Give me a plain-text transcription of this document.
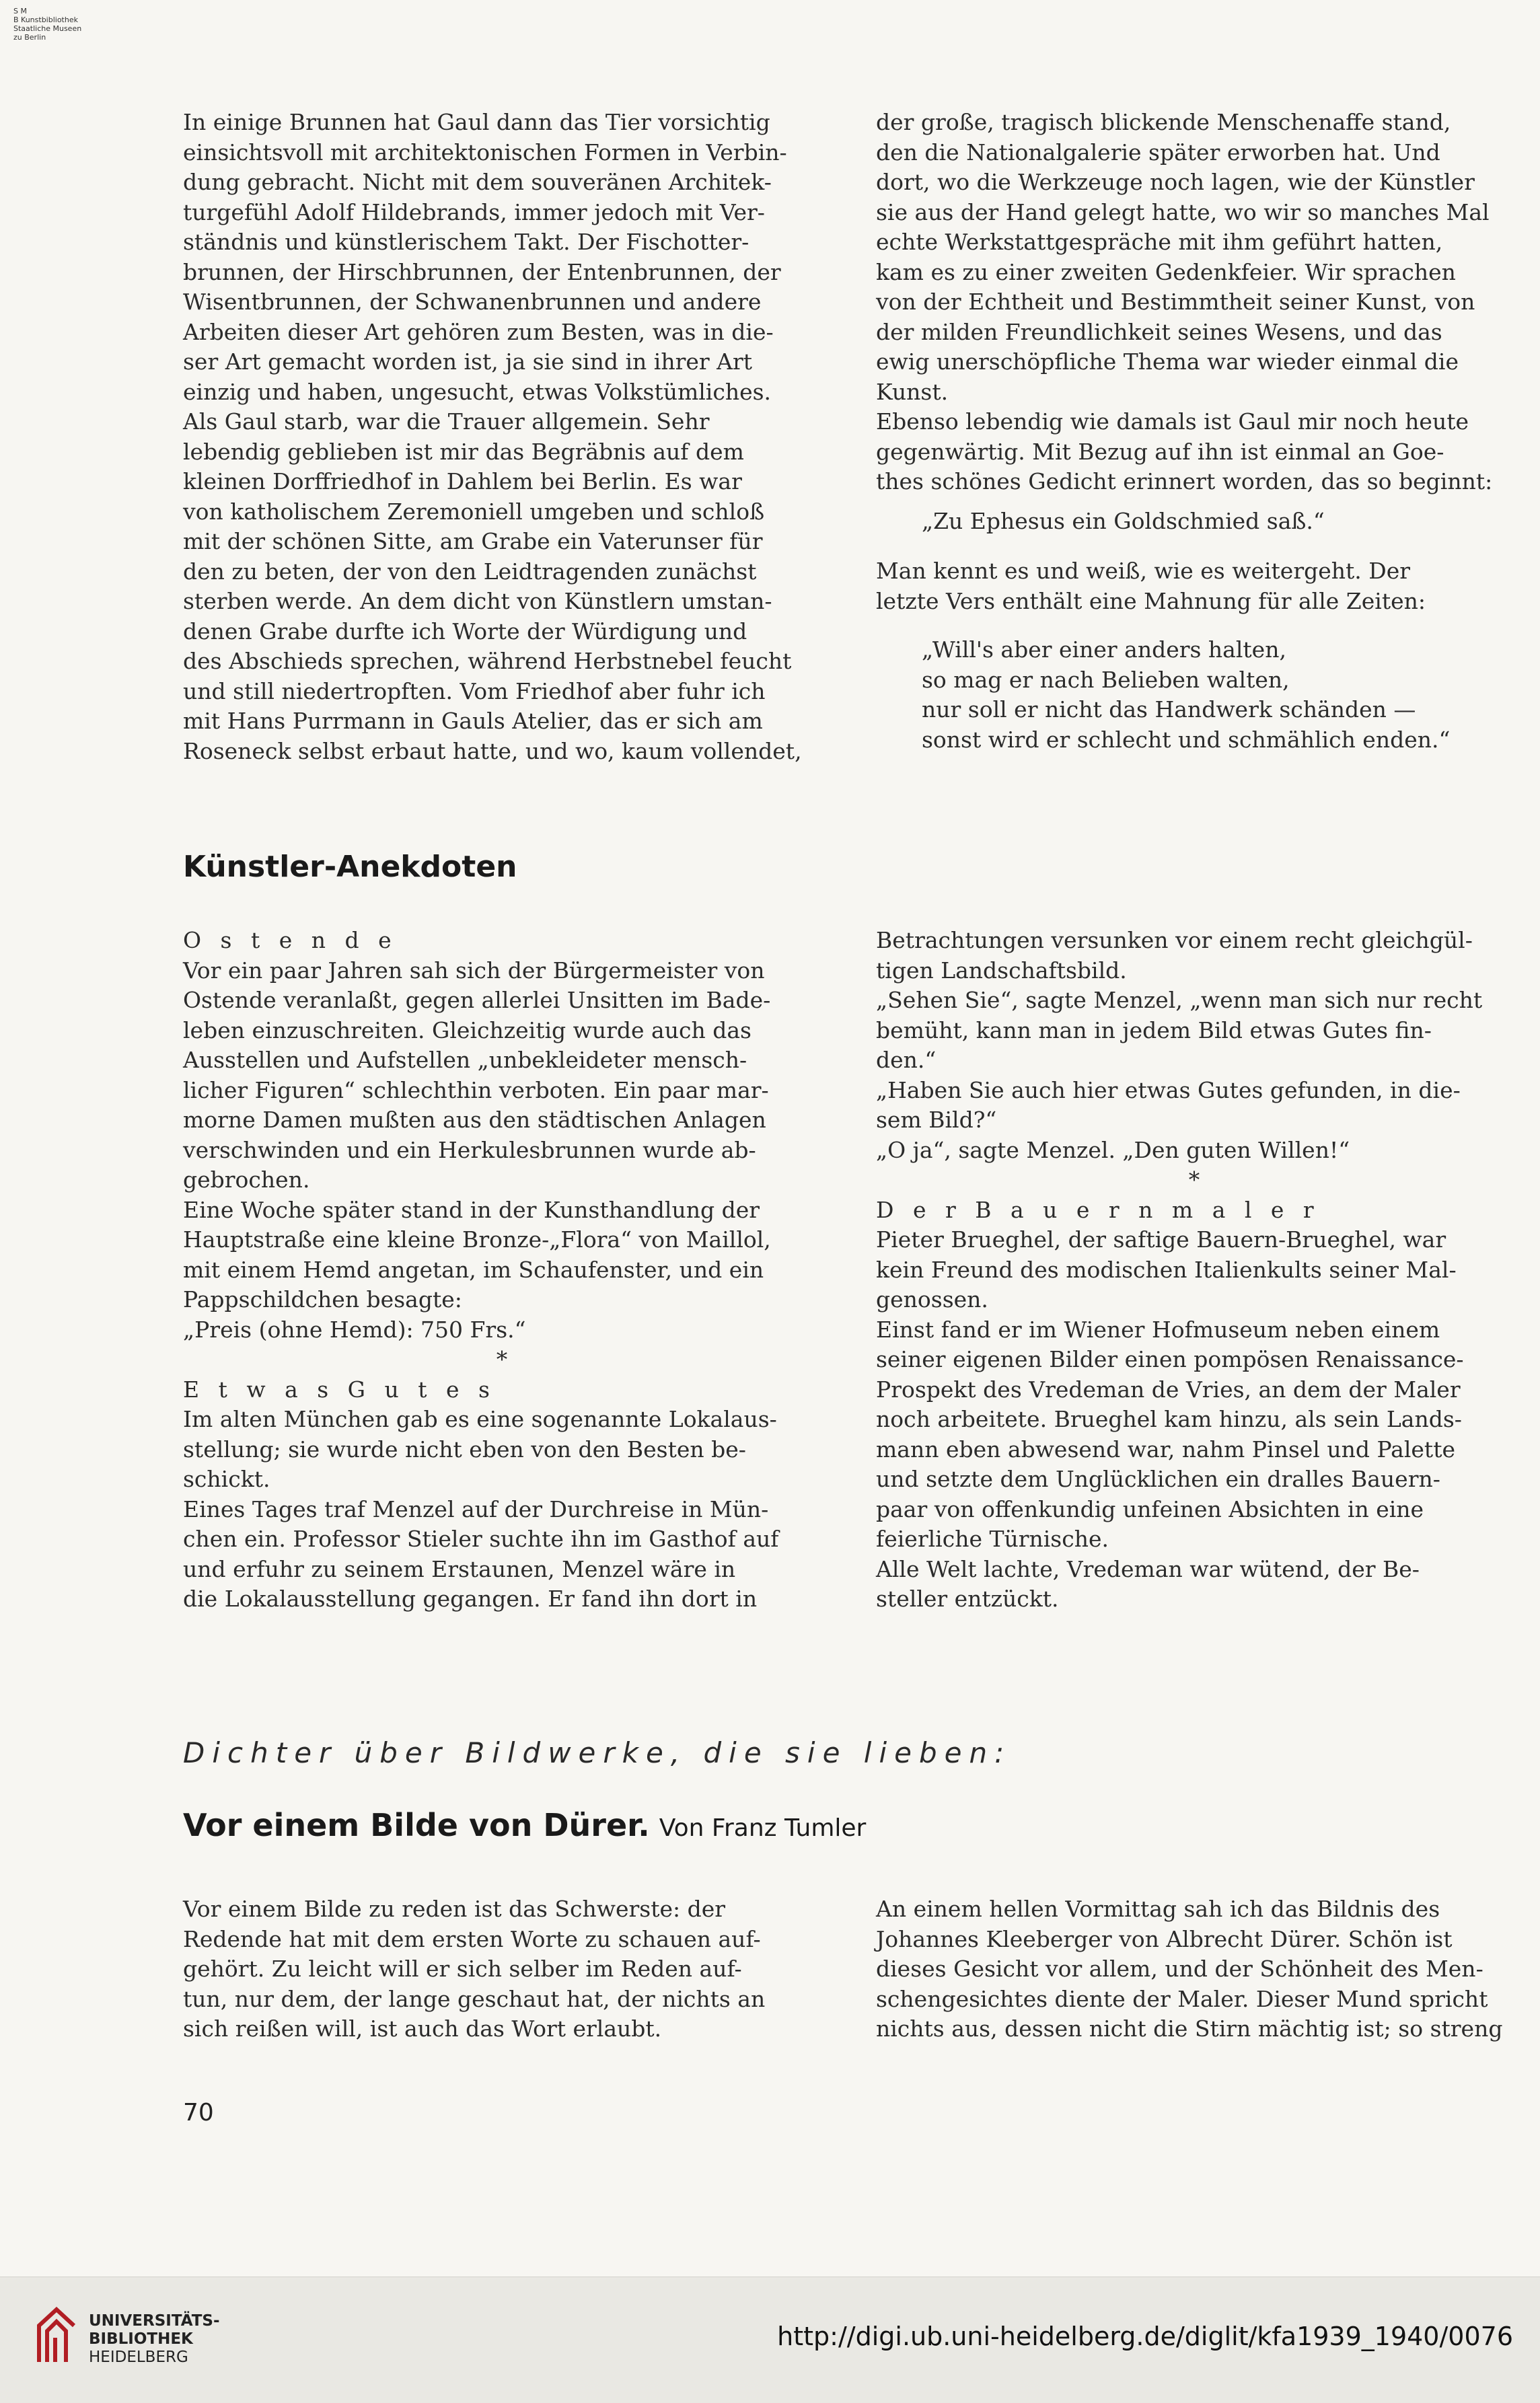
S M
B Kunstbibliothek
Staatliche Museen
zu Berlin

In einige Brunnen hat Gaul dann das Tier vorsichtig

einsichtsvoll mit architektonischen Formen in Verbin-

dung gebracht. Nicht mit dem souveränen Architek-

turgefühl Adolf Hildebrands, immer jedoch mit Ver-

ständnis und künstlerischem Takt. Der Fischotter-

brunnen, der Hirschbrunnen, der Entenbrunnen, der

Wisentbrunnen, der Schwanenbrunnen und andere

Arbeiten dieser Art gehören zum Besten, was in die-

ser Art gemacht worden ist, ja sie sind in ihrer Art

einzig und haben, ungesucht, etwas Volkstümliches.

Als Gaul starb, war die Trauer allgemein. Sehr

lebendig geblieben ist mir das Begräbnis auf dem

kleinen Dorffriedhof in Dahlem bei Berlin. Es war

von katholischem Zeremoniell umgeben und schloß

mit der schönen Sitte, am Grabe ein Vaterunser für

den zu beten, der von den Leidtragenden zunächst

sterben werde. An dem dicht von Künstlern umstan-

denen Grabe durfte ich Worte der Würdigung und

des Abschieds sprechen, während Herbstnebel feucht

und still niedertropften. Vom Friedhof aber fuhr ich

mit Hans Purrmann in Gauls Atelier, das er sich am

Roseneck selbst erbaut hatte, und wo, kaum vollendet,

der große, tragisch blickende Menschenaffe stand,

den die Nationalgalerie später erworben hat. Und

dort, wo die Werkzeuge noch lagen, wie der Künstler

sie aus der Hand gelegt hatte, wo wir so manches Mal

echte Werkstattgespräche mit ihm geführt hatten,

kam es zu einer zweiten Gedenkfeier. Wir sprachen

von der Echtheit und Bestimmtheit seiner Kunst, von

der milden Freundlichkeit seines Wesens, und das

ewig unerschöpfliche Thema war wieder einmal die

Kunst.

Ebenso lebendig wie damals ist Gaul mir noch heute

gegenwärtig. Mit Bezug auf ihn ist einmal an Goe-

thes schönes Gedicht erinnert worden, das so beginnt:

„Zu Ephesus ein Goldschmied saß.“

Man kennt es und weiß, wie es weitergeht. Der

letzte Vers enthält eine Mahnung für alle Zeiten:

„Will's aber einer anders halten,

so mag er nach Belieben walten,

nur soll er nicht das Handwerk schänden —

sonst wird er schlecht und schmählich enden.“

Künstler-Anekdoten

O s t e n d e

Vor ein paar Jahren sah sich der Bürgermeister von

Ostende veranlaßt, gegen allerlei Unsitten im Bade-

leben einzuschreiten. Gleichzeitig wurde auch das

Ausstellen und Aufstellen „unbekleideter mensch-

licher Figuren“ schlechthin verboten. Ein paar mar-

morne Damen mußten aus den städtischen Anlagen

verschwinden und ein Herkulesbrunnen wurde ab-

gebrochen.

Eine Woche später stand in der Kunsthandlung der

Hauptstraße eine kleine Bronze-„Flora“ von Maillol,

mit einem Hemd angetan, im Schaufenster, und ein

Pappschildchen besagte:

„Preis (ohne Hemd): 750 Frs.“

*

E t w a s G u t e s

Im alten München gab es eine sogenannte Lokalaus-

stellung; sie wurde nicht eben von den Besten be-

schickt.

Eines Tages traf Menzel auf der Durchreise in Mün-

chen ein. Professor Stieler suchte ihn im Gasthof auf

und erfuhr zu seinem Erstaunen, Menzel wäre in

die Lokalausstellung gegangen. Er fand ihn dort in

Betrachtungen versunken vor einem recht gleichgül-

tigen Landschaftsbild.

„Sehen Sie“, sagte Menzel, „wenn man sich nur recht

bemüht, kann man in jedem Bild etwas Gutes fin-

den.“

„Haben Sie auch hier etwas Gutes gefunden, in die-

sem Bild?“

„O ja“, sagte Menzel. „Den guten Willen!“

*

D e r B a u e r n m a l e r

Pieter Brueghel, der saftige Bauern-Brueghel, war

kein Freund des modischen Italienkults seiner Mal-

genossen.

Einst fand er im Wiener Hofmuseum neben einem

seiner eigenen Bilder einen pompösen Renaissance-

Prospekt des Vredeman de Vries, an dem der Maler

noch arbeitete. Brueghel kam hinzu, als sein Lands-

mann eben abwesend war, nahm Pinsel und Palette

und setzte dem Unglücklichen ein dralles Bauern-

paar von offenkundig unfeinen Absichten in eine

feierliche Türnische.

Alle Welt lachte, Vredeman war wütend, der Be-

steller entzückt.

Dichter über Bildwerke, die sie lieben:
Vor einem Bilde von Dürer. Von Franz Tumler

Vor einem Bilde zu reden ist das Schwerste: der

Redende hat mit dem ersten Worte zu schauen auf-

gehört. Zu leicht will er sich selber im Reden auf-

tun, nur dem, der lange geschaut hat, der nichts an

sich reißen will, ist auch das Wort erlaubt.

An einem hellen Vormittag sah ich das Bildnis des

Johannes Kleeberger von Albrecht Dürer. Schön ist

dieses Gesicht vor allem, und der Schönheit des Men-

schengesichtes diente der Maler. Dieser Mund spricht

nichts aus, dessen nicht die Stirn mächtig ist; so streng

70
UNIVERSITÄTS-
BIBLIOTHEK
HEIDELBERG
http://digi.ub.uni-heidelberg.de/diglit/kfa1939_1940/0076
